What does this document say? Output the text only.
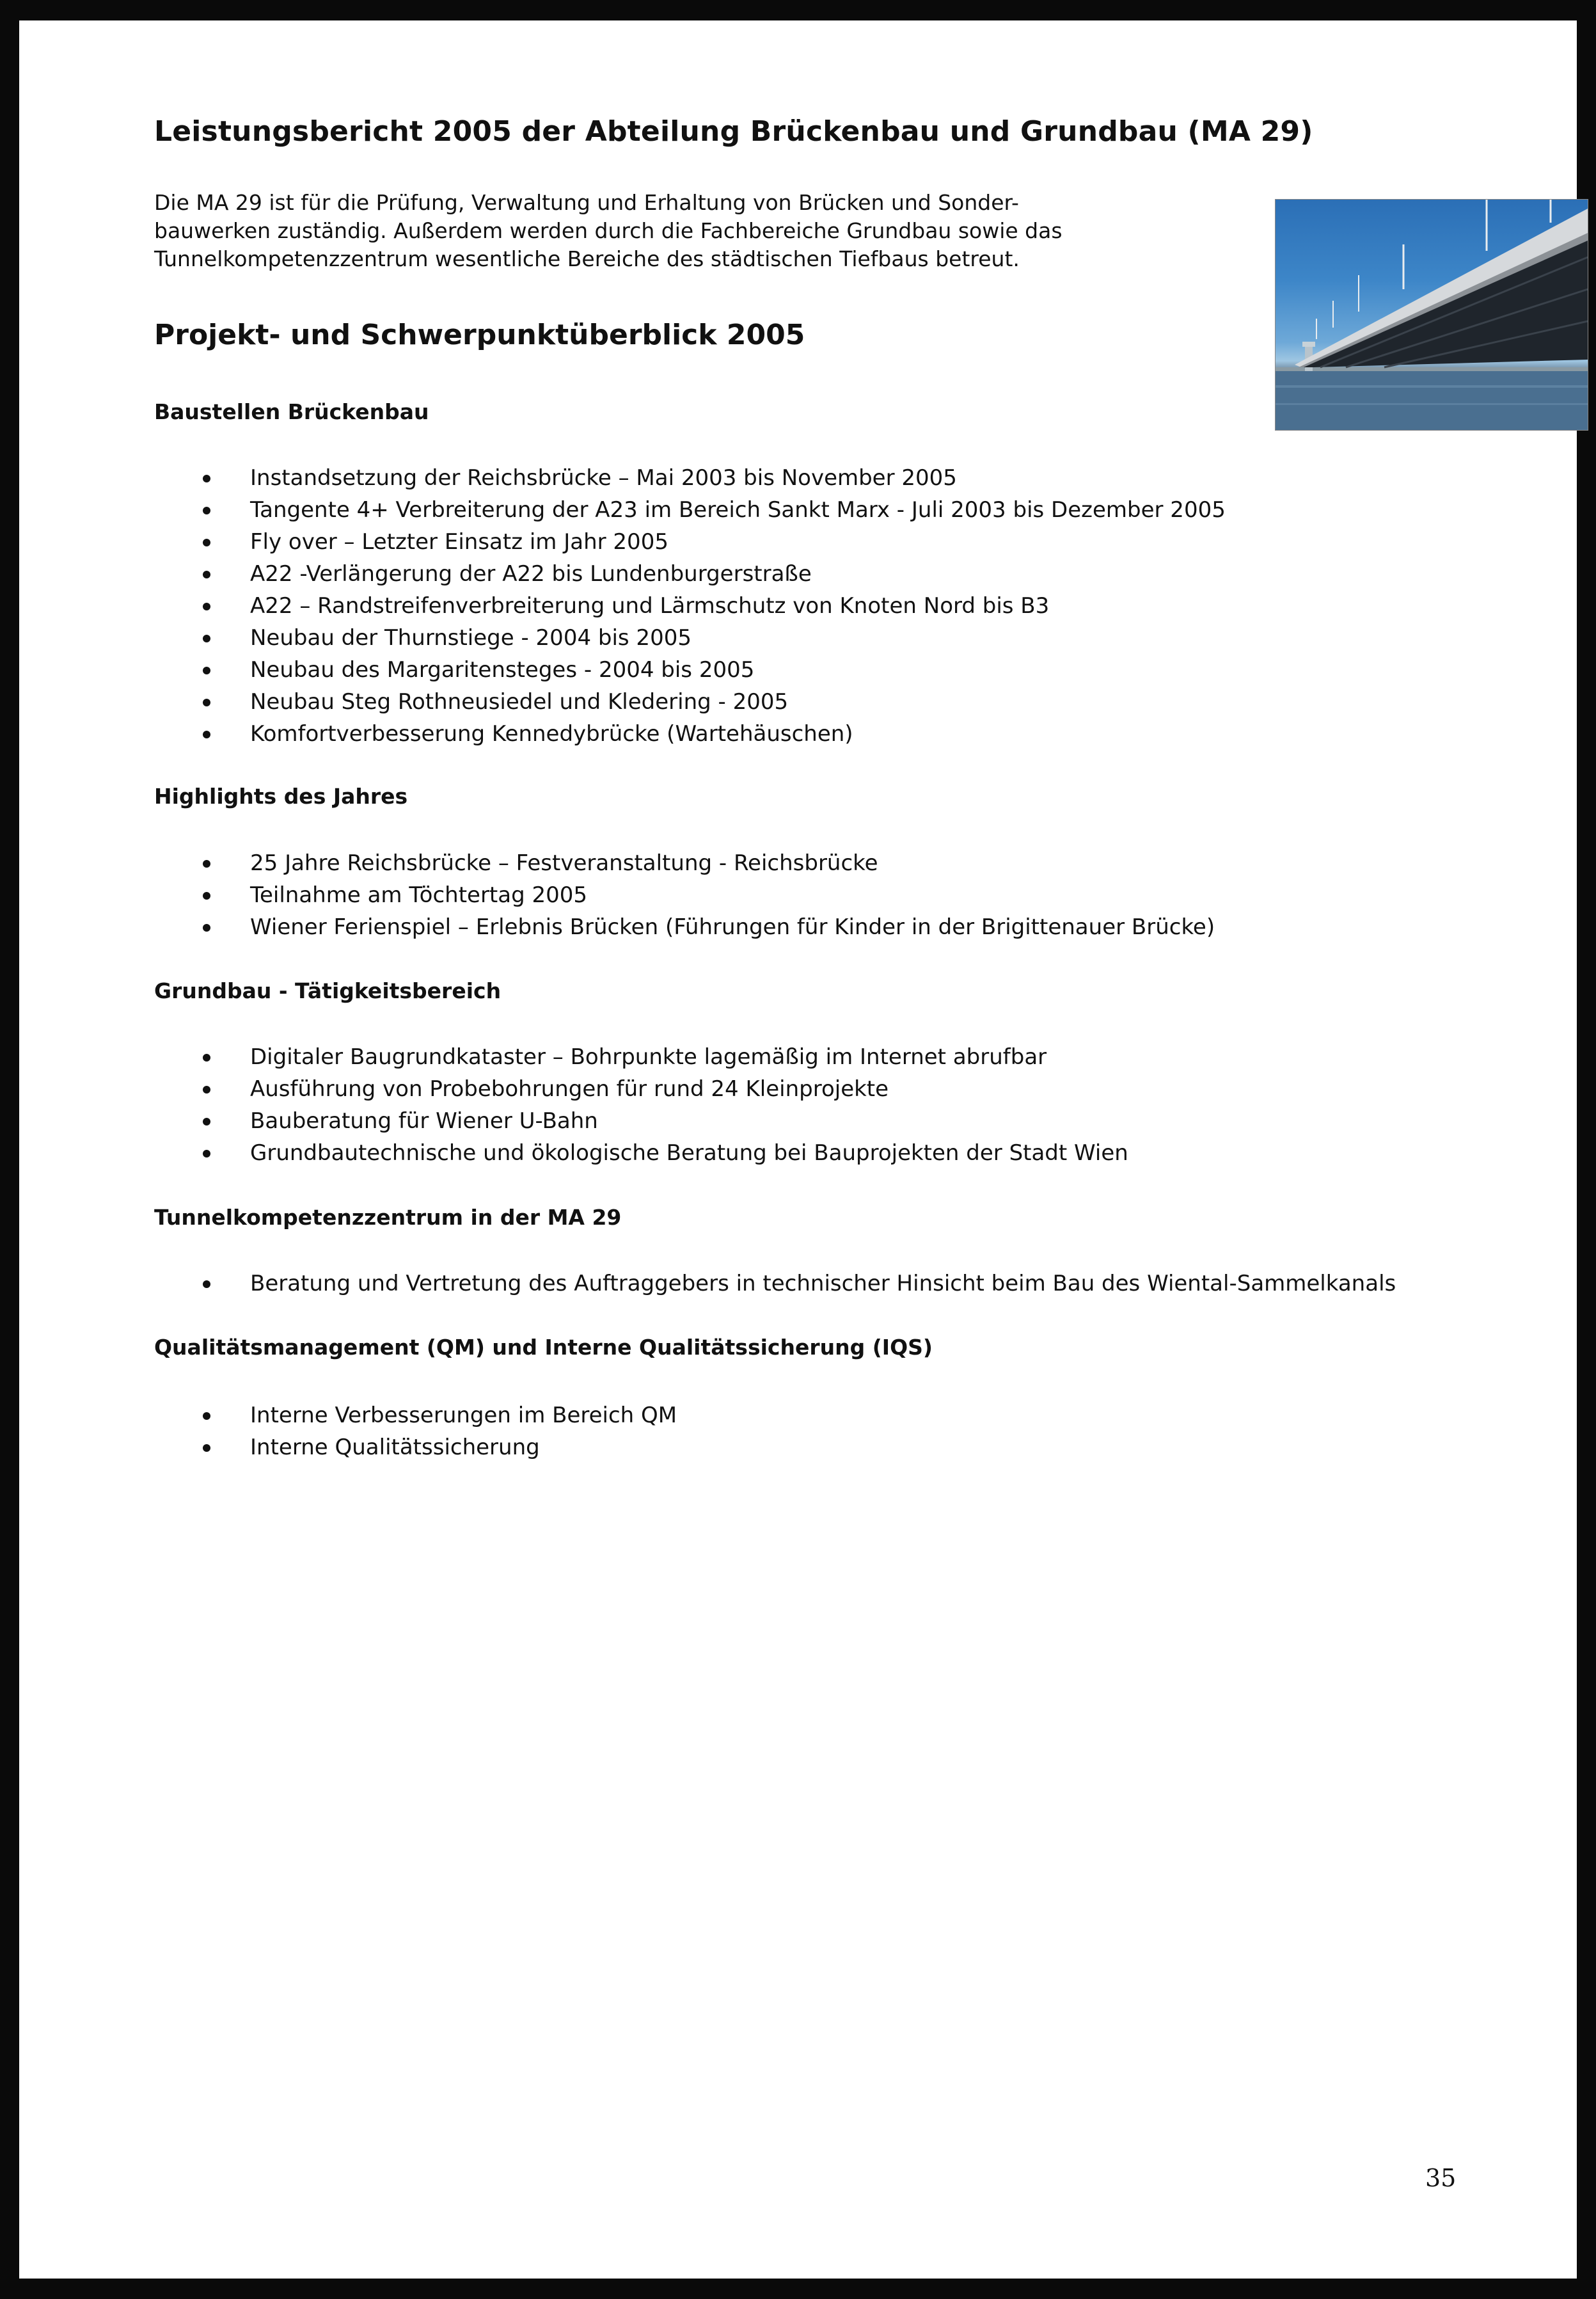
Leistungsbericht 2005 der Abteilung Brückenbau und Grundbau (MA 29)

Die MA 29 ist für die Prüfung, Verwaltung und Erhaltung von Brücken und Sonder-
bauwerken zuständig. Außerdem werden durch die Fachbereiche Grundbau sowie das
Tunnelkompetenzzentrum wesentliche Bereiche des städtischen Tiefbaus betreut.

Projekt- und Schwerpunktüberblick 2005
Baustellen Brückenbau
Instandsetzung der Reichsbrücke – Mai 2003 bis November 2005
Tangente 4+ Verbreiterung der A23 im Bereich Sankt Marx - Juli 2003 bis Dezember 2005
Fly over – Letzter Einsatz im Jahr 2005
A22 -Verlängerung der A22 bis Lundenburgerstraße
A22 – Randstreifenverbreiterung und Lärmschutz von Knoten Nord bis B3
Neubau der Thurnstiege - 2004 bis 2005
Neubau des Margaritensteges - 2004 bis 2005
Neubau Steg Rothneusiedel und Kledering - 2005
Komfortverbesserung Kennedybrücke (Wartehäuschen)
Highlights des Jahres
25 Jahre Reichsbrücke – Festveranstaltung - Reichsbrücke
Teilnahme am Töchtertag 2005
Wiener Ferienspiel – Erlebnis Brücken (Führungen für Kinder in der Brigittenauer Brücke)
Grundbau - Tätigkeitsbereich
Digitaler Baugrundkataster – Bohrpunkte lagemäßig im Internet abrufbar
Ausführung von Probebohrungen für rund 24 Kleinprojekte
Bauberatung für Wiener U-Bahn
Grundbautechnische und ökologische Beratung bei Bauprojekten der Stadt Wien
Tunnelkompetenzzentrum in der MA 29
Beratung und Vertretung des Auftraggebers in technischer Hinsicht beim Bau des Wiental-Sammelkanals
Qualitätsmanagement (QM) und Interne Qualitätssicherung (IQS)
Interne Verbesserungen im Bereich QM
Interne Qualitätssicherung
35
